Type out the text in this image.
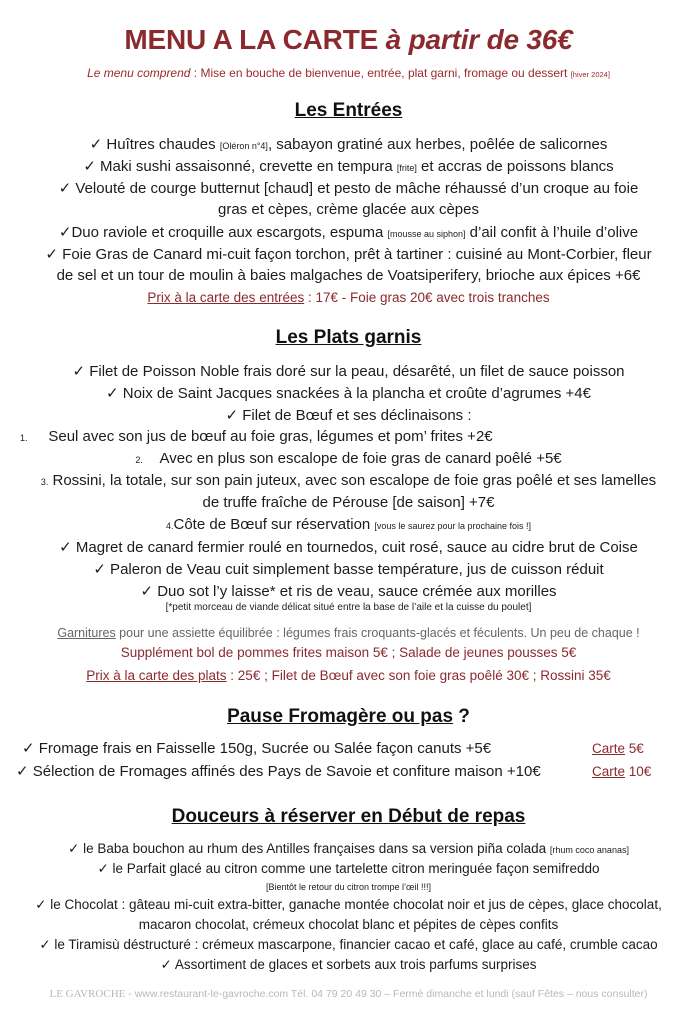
MENU A LA CARTE à partir de 36€
Le menu comprend : Mise en bouche de bienvenue, entrée, plat garni, fromage ou dessert [hiver 2024]
Les Entrées
✓ Huîtres chaudes [Oléron n°4], sabayon gratiné aux herbes, poêlée de salicornes
✓ Maki sushi assaisonné, crevette en tempura [frite] et accras de poissons blancs
✓ Velouté de courge butternut [chaud] et pesto de mâche réhaussé d’un croque au foie
gras et cèpes, crème glacée aux cèpes
✓Duo raviole et croquille aux escargots, espuma [mousse au siphon] d’ail confit à l’huile d’olive
✓ Foie Gras de Canard mi-cuit façon torchon, prêt à tartiner : cuisiné au Mont-Corbier, fleur
de sel et un tour de moulin à baies malgaches de Voatsiperifery, brioche aux épices +6€
Prix à la carte des entrées : 17€ - Foie gras 20€ avec trois tranches
Les Plats garnis
✓ Filet de Poisson Noble frais doré sur la peau, désarêté, un filet de sauce poisson
✓ Noix de Saint Jacques snackées à la plancha et croûte d’agrumes +4€
✓ Filet de Bœuf et ses déclinaisons :
1. Seul avec son jus de bœuf au foie gras, légumes et pom’ frites +2€
2. Avec en plus son escalope de foie gras de canard poêlé +5€
3. Rossini, la totale, sur son pain juteux, avec son escalope de foie gras poêlé et ses lamelles
de truffe fraîche de Pérouse [de saison] +7€
4.Côte de Bœuf sur réservation [vous le saurez pour la prochaine fois !]
✓ Magret de canard fermier roulé en tournedos, cuit rosé, sauce au cidre brut de Coise
✓ Paleron de Veau cuit simplement basse température, jus de cuisson réduit
✓ Duo sot l’y laisse* et ris de veau, sauce crémée aux morilles
[*petit morceau de viande délicat situé entre la base de l’aile et la cuisse du poulet]
Garnitures pour une assiette équilibrée : légumes frais croquants-glacés et féculents. Un peu de chaque !
Supplément bol de pommes frites maison 5€ ; Salade de jeunes pousses 5€
Prix à la carte des plats : 25€ ; Filet de Bœuf avec son foie gras poêlé 30€ ; Rossini 35€
Pause Fromagère ou pas ?
✓ Fromage frais en Faisselle 150g, Sucrée ou Salée façon canuts +5€	Carte 5€
✓ Sélection de Fromages affinés des Pays de Savoie et confiture maison +10€	Carte 10€
Douceurs à réserver en Début de repas
✓ le Baba bouchon au rhum des Antilles françaises dans sa version piña colada [rhum coco ananas]
✓ le Parfait glacé au citron comme une tartelette citron meringuée façon semifreddo
[Bientôt le retour du citron trompe l’œil !!!]
✓ le Chocolat : gâteau mi-cuit extra-bitter, ganache montée chocolat noir et jus de cèpes, glace chocolat,
macaron chocolat, crémeux chocolat blanc et pépites de cèpes confits
✓ le Tiramisù déstructuré : crémeux mascarpone, financier cacao et café, glace au café, crumble cacao
✓ Assortiment de glaces et sorbets aux trois parfums surprises
LE GAVROCHE - www.restaurant-le-gavroche.com Tél. 04 79 20 49 30 – Fermé dimanche et lundi (sauf Fêtes – nous consulter)
